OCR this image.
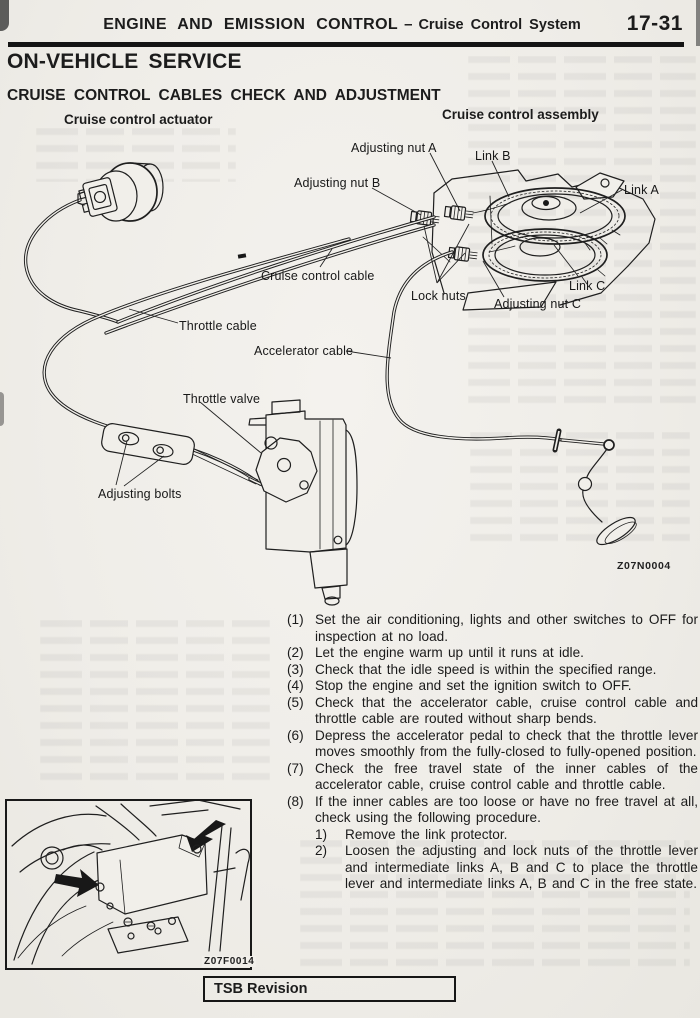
ENGINE AND EMISSION CONTROL – Cruise Control System	17-31
ON-VEHICLE SERVICE
CRUISE CONTROL CABLES CHECK AND ADJUSTMENT
Cruise control actuator	Cruise control assembly
Adjusting nut A
Link B
Adjusting nut B	Link A
Cruise control cable
Lock nuts
Adjusting nut C
Link C
Throttle cable
Accelerator cable
Throttle valve
Adjusting bolts
Z07N0004
(1) Set the air conditioning, lights and other switches to OFF for inspection at no load.
(2) Let the engine warm up until it runs at idle.
(3) Check that the idle speed is within the specified range.
(4) Stop the engine and set the ignition switch to OFF.
(5) Check that the accelerator cable, cruise control cable and throttle cable are routed without sharp bends.
(6) Depress the accelerator pedal to check that the throttle lever moves smoothly from the fully-closed to fully-opened position.
(7) Check the free travel state of the inner cables of the accelerator cable, cruise control cable and throttle cable.
(8) If the inner cables are too loose or have no free travel at all, check using the following procedure.
1)	Remove the link protector.
2)	Loosen the adjusting and lock nuts of the throttle lever and intermediate links A, B and C to place the throttle lever and intermediate links A, B and C in the free state.
Z07F0014
TSB Revision
